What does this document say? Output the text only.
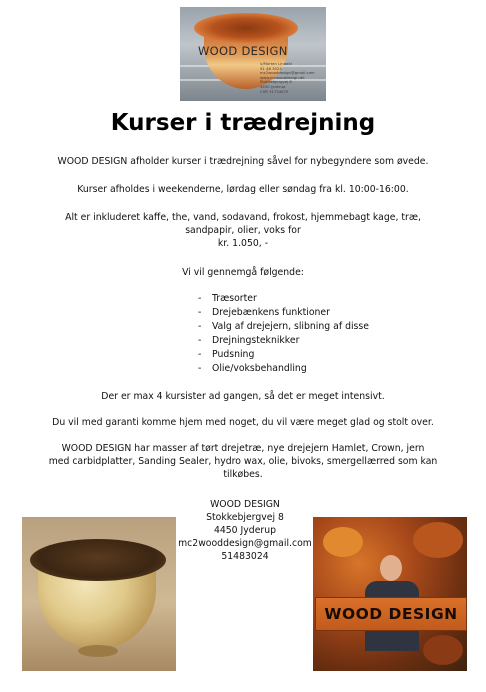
WOOD DESIGN
v/Morten Lindahl
51 48 3024
mc2wooddesign@gmail.com
www.mcwooddesign.dk
Stokkebjergvej 8
4450 Jyderup
CVR 31724975
Kurser i trædrejning
WOOD DESIGN afholder kurser i trædrejning såvel for nybegyndere som øvede.
Kurser afholdes i weekenderne, lørdag eller søndag fra kl. 10:00-16:00.
Alt er inkluderet kaffe, the, vand, sodavand, frokost, hjemmebagt kage, træ,
sandpapir, olier, voks for
kr. 1.050, -
Vi vil gennemgå følgende:
- Træsorter
- Drejebænkens funktioner
- Valg af drejejern, slibning af disse
- Drejningsteknikker
- Pudsning
- Olie/voksbehandling
Der er max 4 kursister ad gangen, så det er meget intensivt.
Du vil med garanti komme hjem med noget, du vil være meget glad og stolt over.
WOOD DESIGN har masser af tørt drejetræ, nye drejejern Hamlet, Crown, jern
med carbidplatter, Sanding Sealer, hydro wax, olie, bivoks, smergellærred som kan
tilkøbes.
WOOD DESIGN
Stokkebjergvej 8
4450 Jyderup
mc2wooddesign@gmail.com
51483024
WOOD DESIGN
